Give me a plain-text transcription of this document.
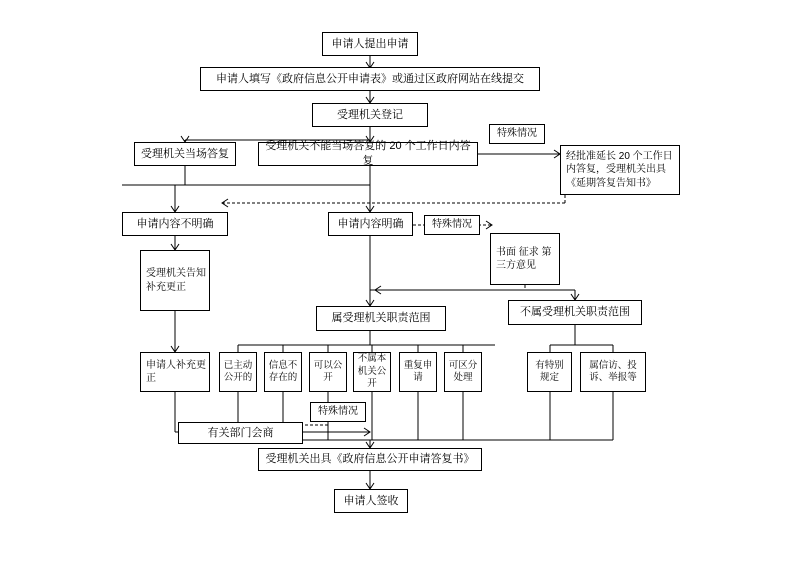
申请人提出申请
申请人填写《政府信息公开申请表》或通过区政府网站在线提交
受理机关登记
受理机关当场答复
受理机关不能当场答复的 20 个工作日内答复
特殊情况
经批准延长 20 个工作日内答复，受理机关出具《延期答复告知书》
申请内容不明确	申请内容明确	特殊情况
书面 征求 第三方意见
受理机关告知补充更正
申请人补充更正
属受理机关职责范围	不属受理机关职责范围
已主动公开的
信息不存在的
可以公开
不属本机关公开
重复申请
可区分处理
有特别规定
属信访、投诉、举报等
特殊情况
有关部门会商
受理机关出具《政府信息公开申请答复书》
申请人签收
